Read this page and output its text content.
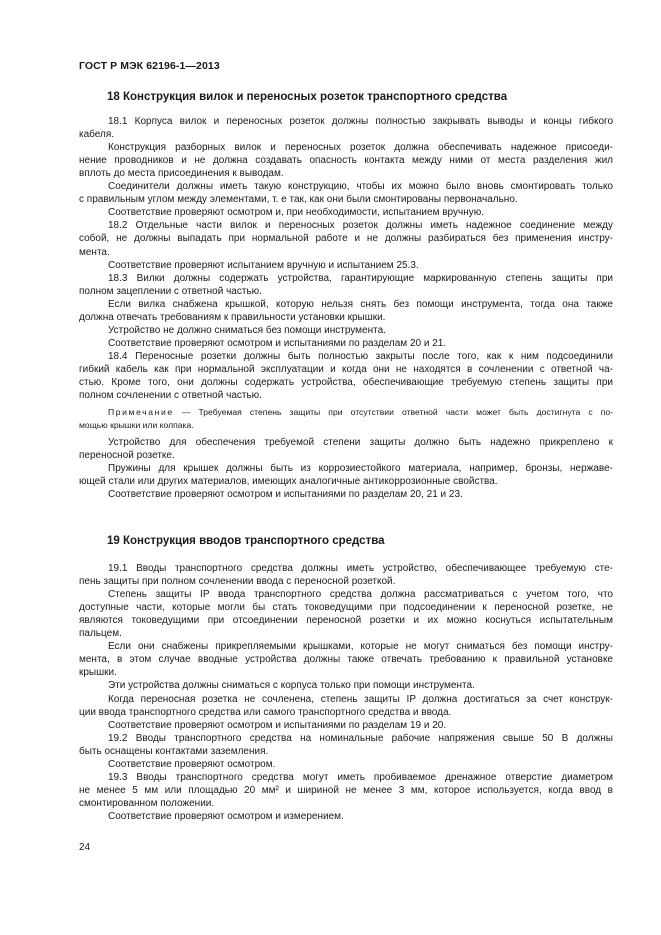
ГОСТ Р МЭК 62196-1—2013
18 Конструкция вилок и переносных розеток транспортного средства

18.1 Корпуса вилок и переносных розеток должны полностью закрывать выводы и концы гибкого

кабеля.

Конструкция разборных вилок и переносных розеток должна обеспечивать надежное присоеди-

нение проводников и не должна создавать опасность контакта между ними от места разделения жил

вплоть до места присоединения к выводам.

Соединители должны иметь такую конструкцию, чтобы их можно было вновь смонтировать только

с правильным углом между элементами, т. е так, как они были смонтированы первоначально.

Соответствие проверяют осмотром и, при необходимости, испытанием вручную.

18.2 Отдельные части вилок и переносных розеток должны иметь надежное соединение между

собой, не должны выпадать при нормальной работе и не должны разбираться без применения инстру-

мента.

Соответствие проверяют испытанием вручную и испытанием 25.3.

18.3 Вилки должны содержать устройства, гарантирующие маркированную степень защиты при

полном зацеплении с ответной частью.

Если вилка снабжена крышкой, которую нельзя снять без помощи инструмента, тогда она также

должна отвечать требованиям к правильности установки крышки.

Устройство не должно сниматься без помощи инструмента.

Соответствие проверяют осмотром и испытаниями по разделам 20 и 21.

18.4 Переносные розетки должны быть полностью закрыты после того, как к ним подсоединили

гибкий кабель как при нормальной эксплуатации и когда они не находятся в сочленении с ответной ча-

стью. Кроме того, они должны содержать устройства, обеспечивающие требуемую степень защиты при

полном сочленении с ответной частью.

Примечание — Требуемая степень защиты при отсутствии ответной части может быть достигнута с по-

мощью крышки или колпака.

Устройство для обеспечения требуемой степени защиты должно быть надежно прикреплено к

переносной розетке.

Пружины для крышек должны быть из коррозиестойкого материала, например, бронзы, нержаве-

ющей стали или других материалов, имеющих аналогичные антикоррозионные свойства.

Соответствие проверяют осмотром и испытаниями по разделам 20, 21 и 23.

19 Конструкция вводов транспортного средства

19.1 Вводы транспортного средства должны иметь устройство, обеспечивающее требуемую сте-

пень защиты при полном сочленении ввода с переносной розеткой.

Степень защиты IP ввода транспортного средства должна рассматриваться с учетом того, что

доступные части, которые могли бы стать токоведущими при подсоединении к переносной розетке, не

являются токоведущими при отсоединении переносной розетки и их можно коснуться испытательным

пальцем.

Если они снабжены прикрепляемыми крышками, которые не могут сниматься без помощи инстру-

мента, в этом случае вводные устройства должны также отвечать требованию к правильной установке

крышки.

Эти устройства должны сниматься с корпуса только при помощи инструмента.

Когда переносная розетка не сочленена, степень защиты IP должна достигаться за счет конструк-

ции ввода транспортного средства или самого транспортного средства и ввода.

Соответствие проверяют осмотром и испытаниями по разделам 19 и 20.

19.2 Вводы транспортного средства на номинальные рабочие напряжения свыше 50 В должны

быть оснащены контактами заземления.

Соответствие проверяют осмотром.

19.3 Вводы транспортного средства могут иметь пробиваемое дренажное отверстие диаметром

не менее 5 мм или площадью 20 мм² и шириной не менее 3 мм, которое используется, когда ввод в

смонтированном положении.

Соответствие проверяют осмотром и измерением.

24
